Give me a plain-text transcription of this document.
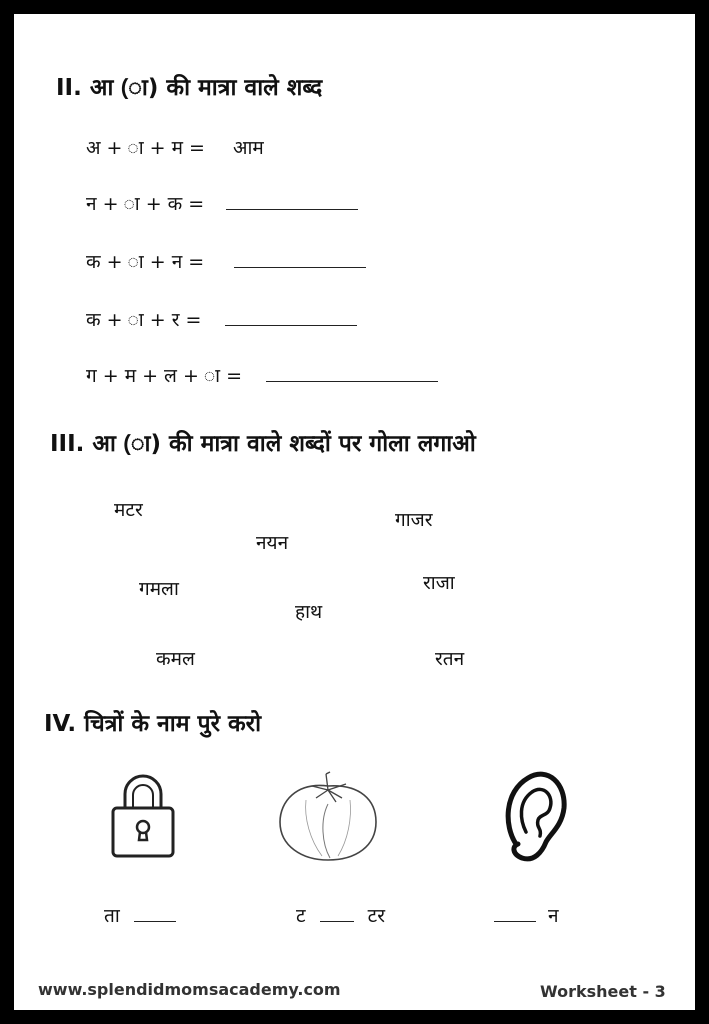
II. आ (ा) की मात्रा वाले शब्द
अ + ा + म = आम
न + ा + क =
क + ा + न =
क + ा + र =
ग + म + ल + ा =
III. आ (ा) की मात्रा वाले शब्दों पर गोला लगाओ
मटर	गाजर
नयन
गमला	राजा
हाथ
कमल	रतन
IV. चित्रों के नाम पुरे करो
ता	ट	टर	न
www.splendidmomsacademy.com	Worksheet - 3
